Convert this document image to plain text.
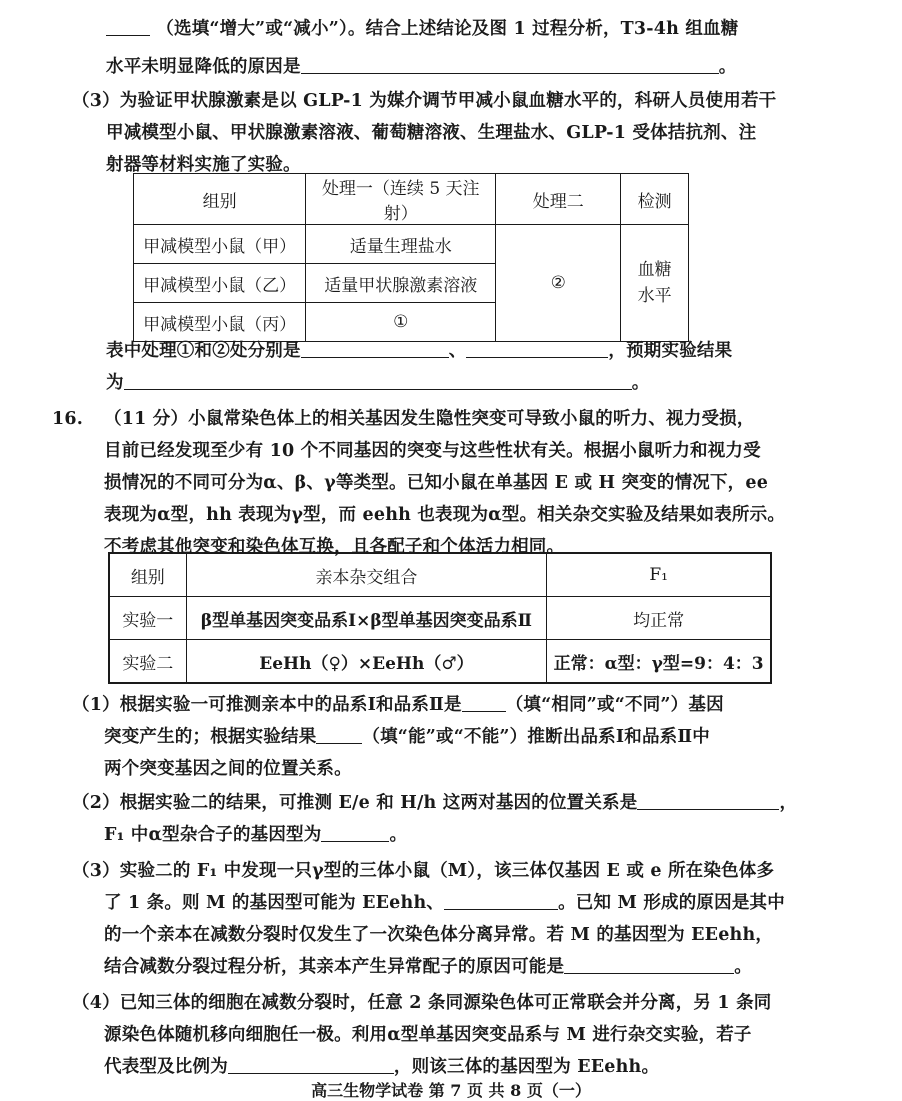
（选填“增大”或“减小”）。结合上述结论及图 1 过程分析，T3-4h 组血糖
水平未明显降低的原因是	。
（3）为验证甲状腺激素是以 GLP-1 为媒介调节甲减小鼠血糖水平的，科研人员使用若干
甲减模型小鼠、甲状腺激素溶液、葡萄糖溶液、生理盐水、GLP-1 受体拮抗剂、注
射器等材料实施了实验。
组别	处理一（连续 5 天注射）	处理二	检测
甲减模型小鼠（甲）	适量生理盐水	②	血糖水平
甲减模型小鼠（乙）	适量甲状腺激素溶液		
甲减模型小鼠（丙）	①		
表中处理①和②处分别是	、	，预期实验结果
为	。
16. （11 分）小鼠常染色体上的相关基因发生隐性突变可导致小鼠的听力、视力受损，
目前已经发现至少有 10 个不同基因的突变与这些性状有关。根据小鼠听力和视力受
损情况的不同可分为α、β、γ等类型。已知小鼠在单基因 E 或 H 突变的情况下，ee
表现为α型，hh 表现为γ型，而 eehh 也表现为α型。相关杂交实验及结果如表所示。
不考虑其他突变和染色体互换，且各配子和个体活力相同。
组别	亲本杂交组合	F₁
实验一	β型单基因突变品系Ⅰ×β型单基因突变品系Ⅱ	均正常
实验二	EeHh（♀）×EeHh（♂）	正常：α型：γ型=9：4：3
（1）根据实验一可推测亲本中的品系Ⅰ和品系Ⅱ是	（填“相同”或“不同”）基因
突变产生的；根据实验结果	（填“能”或“不能”）推断出品系Ⅰ和品系Ⅱ中
两个突变基因之间的位置关系。
（2）根据实验二的结果，可推测 E/e 和 H/h 这两对基因的位置关系是	，
F₁ 中α型杂合子的基因型为	。
（3）实验二的 F₁ 中发现一只γ型的三体小鼠（M），该三体仅基因 E 或 e 所在染色体多
了 1 条。则 M 的基因型可能为 EEehh、	。已知 M 形成的原因是其中
的一个亲本在减数分裂时仅发生了一次染色体分离异常。若 M 的基因型为 EEehh，
结合减数分裂过程分析，其亲本产生异常配子的原因可能是	。
（4）已知三体的细胞在减数分裂时，任意 2 条同源染色体可正常联会并分离，另 1 条同
源染色体随机移向细胞任一极。利用α型单基因突变品系与 M 进行杂交实验，若子
代表型及比例为	，则该三体的基因型为 EEehh。
高三生物学试卷 第 7 页 共 8 页（一）
